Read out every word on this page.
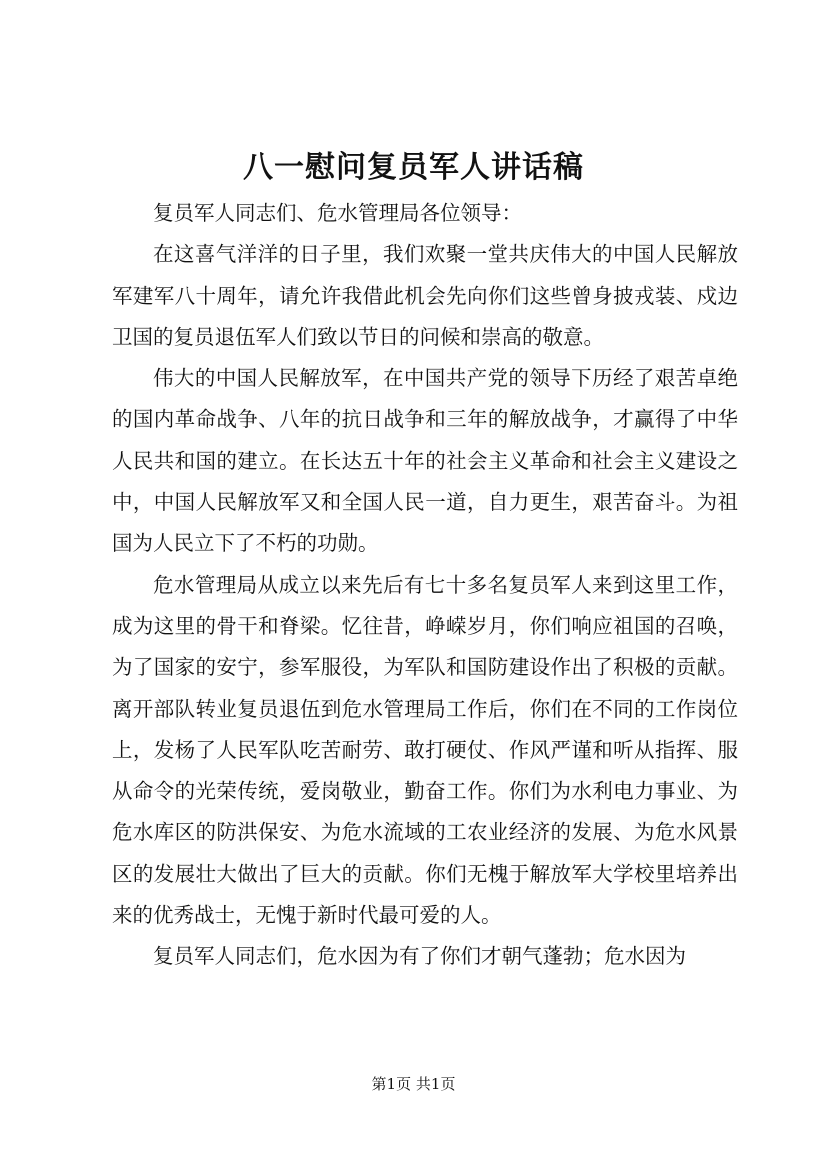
八一慰问复员军人讲话稿

复员军人同志们、危水管理局各位领导：

在这喜气洋洋的日子里，我们欢聚一堂共庆伟大的中国人民解放军建军八十周年，请允许我借此机会先向你们这些曾身披戎装、戍边卫国的复员退伍军人们致以节日的问候和崇高的敬意。

伟大的中国人民解放军，在中国共产党的领导下历经了艰苦卓绝的国内革命战争、八年的抗日战争和三年的解放战争，才赢得了中华人民共和国的建立。在长达五十年的社会主义革命和社会主义建设之中，中国人民解放军又和全国人民一道，自力更生，艰苦奋斗。为祖国为人民立下了不朽的功勋。

危水管理局从成立以来先后有七十多名复员军人来到这里工作，成为这里的骨干和脊梁。忆往昔，峥嵘岁月，你们响应祖国的召唤，为了国家的安宁，参军服役，为军队和国防建设作出了积极的贡献。离开部队转业复员退伍到危水管理局工作后，你们在不同的工作岗位上，发杨了人民军队吃苦耐劳、敢打硬仗、作风严谨和听从指挥、服从命令的光荣传统，爱岗敬业，勤奋工作。你们为水利电力事业、为危水库区的防洪保安、为危水流域的工农业经济的发展、为危水风景区的发展壮大做出了巨大的贡献。你们无槐于解放军大学校里培养出来的优秀战士，无愧于新时代最可爱的人。

复员军人同志们，危水因为有了你们才朝气蓬勃；危水因为

第1页 共1页
